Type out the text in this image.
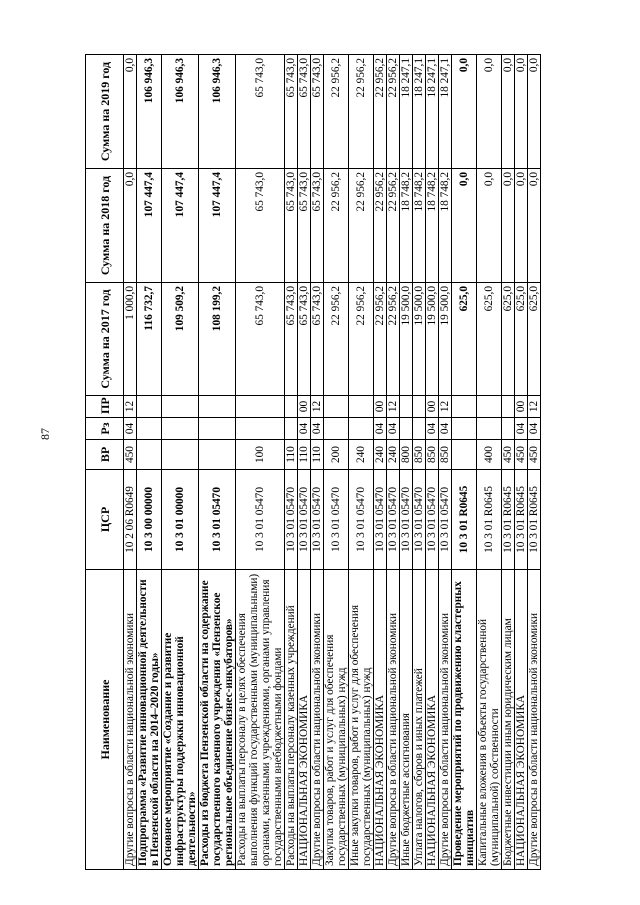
87
Наименование	ЦСР	ВР	Рз	ПР	Сумма на 2017 год	Сумма на 2018 год	Сумма на 2019 год
Другие вопросы в области национальной экономики	10 2 06 R0649	450	04	12	1 000,0	0,0	0,0
Подпрограмма «Развитие инновационной деятельности в Пензенской области на 2014–2020 годы»	10 3 00 00000				116 732,7	107 447,4	106 946,3
Основное мероприятие «Создание и развитие инфраструктуры поддержки инновационной деятельности»	10 3 01 00000				109 509,2	107 447,4	106 946,3
Расходы из бюджета Пензенской области на содержание государственного казенного учреждения «Пензенское региональное объединение бизнес-инкубаторов»	10 3 01 05470				108 199,2	107 447,4	106 946,3
Расходы на выплаты персоналу в целях обеспечения выполнения функций государственными (муниципальными) органами, казенными учреждениями, органами управления государственными внебюджетными фондами	10 3 01 05470	100			65 743,0	65 743,0	65 743,0
Расходы на выплаты персоналу казенных учреждений	10 3 01 05470	110			65 743,0	65 743,0	65 743,0
НАЦИОНАЛЬНАЯ ЭКОНОМИКА	10 3 01 05470	110	04	00	65 743,0	65 743,0	65 743,0
Другие вопросы в области национальной экономики	10 3 01 05470	110	04	12	65 743,0	65 743,0	65 743,0
Закупка товаров, работ и услуг для обеспечения государственных (муниципальных) нужд	10 3 01 05470	200			22 956,2	22 956,2	22 956,2
Иные закупки товаров, работ и услуг для обеспечения государственных (муниципальных) нужд	10 3 01 05470	240			22 956,2	22 956,2	22 956,2
НАЦИОНАЛЬНАЯ ЭКОНОМИКА	10 3 01 05470	240	04	00	22 956,2	22 956,2	22 956,2
Другие вопросы в области национальной экономики	10 3 01 05470	240	04	12	22 956,2	22 956,2	22 956,2
Иные бюджетные ассигнования	10 3 01 05470	800			19 500,0	18 748,2	18 247,1
Уплата налогов, сборов и иных платежей	10 3 01 05470	850			19 500,0	18 748,2	18 247,1
НАЦИОНАЛЬНАЯ ЭКОНОМИКА	10 3 01 05470	850	04	00	19 500,0	18 748,2	18 247,1
Другие вопросы в области национальной экономики	10 3 01 05470	850	04	12	19 500,0	18 748,2	18 247,1
Проведение мероприятий по продвижению кластерных инициатив	10 3 01 R0645				625,0	0,0	0,0
Капитальные вложения в объекты государственной (муниципальной) собственности	10 3 01 R0645	400			625,0	0,0	0,0
Бюджетные инвестиции иным юридическим лицам	10 3 01 R0645	450			625,0	0,0	0,0
НАЦИОНАЛЬНАЯ ЭКОНОМИКА	10 3 01 R0645	450	04	00	625,0	0,0	0,0
Другие вопросы в области национальной экономики	10 3 01 R0645	450	04	12	625,0	0,0	0,0
